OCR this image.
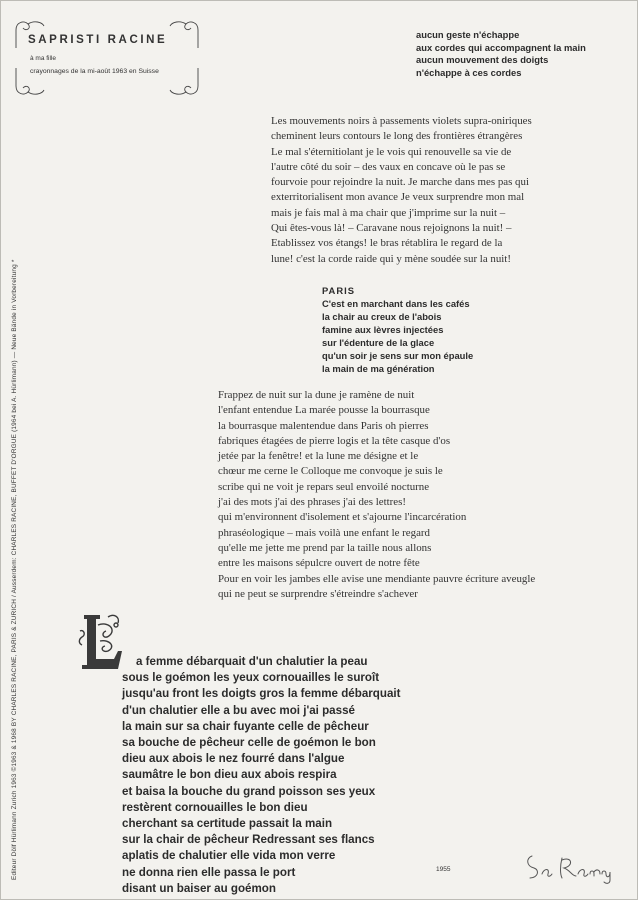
SAPRISTI RACINE
à ma fille
crayonnages de la mi-août 1963 en Suisse
aucun geste n'échappe
aux cordes qui accompagnent la main
aucun mouvement des doigts
n'échappe à ces cordes
Les mouvements noirs à passements violets supra-oniriques
cheminent leurs contours le long des frontières étrangères
Le mal s'éternitiolant je le vois qui renouvelle sa vie de
l'autre côté du soir – des vaux en concave où le pas se
fourvoie pour rejoindre la nuit. Je marche dans mes pas qui
exterritorialisent mon avance Je veux surprendre mon mal
mais je fais mal à ma chair que j'imprime sur la nuit –
Qui êtes-vous là! – Caravane nous rejoignons la nuit! –
Etablissez vos étangs! le bras rétablira le regard de la
lune! c'est la corde raide qui y mène soudée sur la nuit!
PARIS
C'est en marchant dans les cafés
la chair au creux de l'abois
famine aux lèvres injectées
sur l'édenture de la glace
qu'un soir je sens sur mon épaule
la main de ma génération
Frappez de nuit sur la dune je ramène de nuit
l'enfant entendue La marée pousse la bourrasque
la bourrasque malentendue dans Paris oh pierres
fabriques étagées de pierre logis et la tête casque d'os
jetée par la fenêtre! et la lune me désigne et le
chœur me cerne le Colloque me convoque je suis le
scribe qui ne voit je repars seul envoilé nocturne
j'ai des mots j'ai des phrases j'ai des lettres!
qui m'environnent d'isolement et s'ajourne l'incarcération
phraséologique – mais voilà une enfant le regard
qu'elle me jette me prend par la taille nous allons
entre les maisons sépulcre ouvert de notre fête
Pour en voir les jambes elle avise une mendiante pauvre écriture aveugle
qui ne peut se surprendre s'étreindre s'achever
Editeur Dölf Hürlimann Zurich 1963 ©1963 & 1968 BY CHARLES RACINE, PARIS & ZURICH / Ausserdem: CHARLES RACINE, BUFFET D'ORGUE (1964 bei A. Hürlimann) — Neue Bände in Vorbereitung *	a femme débarquait d'un chalutier la peau
sous le goémon les yeux cornouailles le suroît
jusqu'au front les doigts gros la femme débarquait
d'un chalutier elle a bu avec moi j'ai passé
la main sur sa chair fuyante celle de pêcheur
sa bouche de pêcheur celle de goémon le bon
dieu aux abois le nez fourré dans l'algue
saumâtre le bon dieu aux abois respira
et baisa la bouche du grand poisson ses yeux
restèrent cornouailles le bon dieu
cherchant sa certitude passait la main
sur la chair de pêcheur Redressant ses flancs
aplatis de chalutier elle vida mon verre
ne donna rien elle passa le port
disant un baiser au goémon
1955
